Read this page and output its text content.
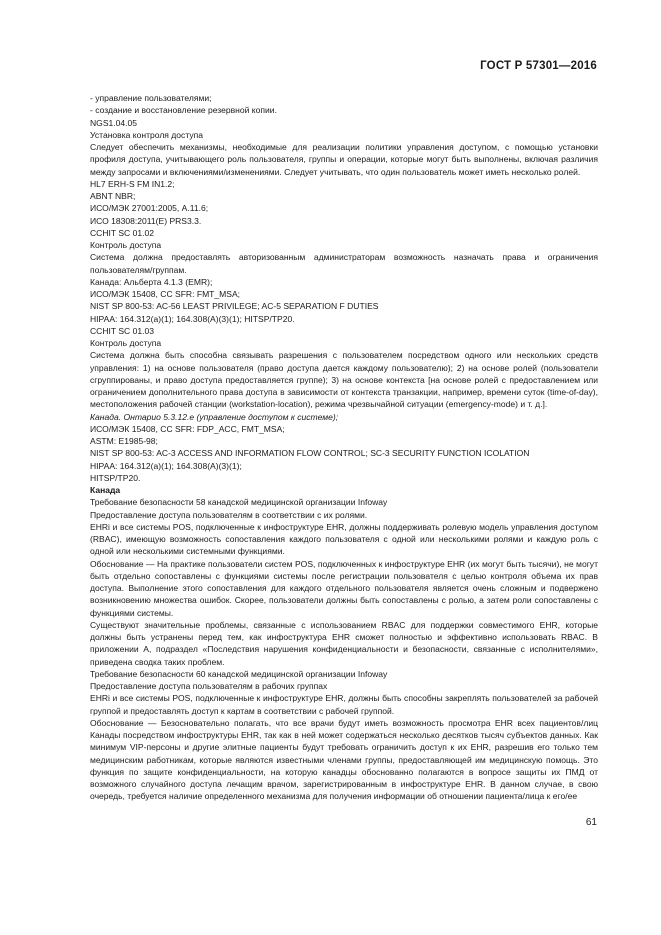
ГОСТ Р 57301—2016

- управление пользователями;

- создание и восстановление резервной копии.

NGS1.04.05

Установка контроля доступа

Следует обеспечить механизмы, необходимые для реализации политики управления доступом, с помощью установки профиля доступа, учитывающего роль пользователя, группы и операции, которые могут быть выполнены, включая различия между запросами и включениями/изменениями. Следует учитывать, что один пользователь может иметь несколько ролей.

HL7 ERH-S FM IN1.2;

ABNT NBR;

ИСО/МЭК 27001:2005, А.11.6;

ИСО 18308:2011(E) PRS3.3.

CCHIT SC 01.02

Контроль доступа

Система должна предоставлять авторизованным администраторам возможность назначать права и ограничения пользователям/группам.

Канада: Альберта 4.1.3 (EMR);

ИСО/МЭК 15408, CC SFR: FMT_MSA;

NIST SP 800-53: AC-56 LEAST PRIVILEGE; AC-5 SEPARATION F DUTIES

HIPAA: 164.312(a)(1); 164.308(A)(3)(1); HITSP/TP20.

CCHIT SC 01.03

Контроль доступа

Система должна быть способна связывать разрешения с пользователем посредством одного или нескольких средств управления: 1) на основе пользователя (право доступа дается каждому пользователю); 2) на основе ролей (пользователи сгруппированы, и право доступа предоставляется группе); 3) на основе контекста [на основе ролей с предоставлением или ограничением дополнительного права доступа в зависимости от контекста транзакции, например, времени суток (time-of-day), местоположения рабочей станции (workstation-location), режима чрезвычайной ситуации (emergency-mode) и т. д.].

Канада. Онтарио 5.3.12.е (управление доступом к системе);

ИСО/МЭК 15408, CC SFR: FDP_ACC, FMT_MSA;

ASTM: E1985-98;

NIST SP 800-53: AC-3 ACCESS AND INFORMATION FLOW CONTROL; SC-3 SECURITY FUNCTION ICOLATION

HIPAA: 164.312(a)(1); 164.308(A)(3)(1);

HITSP/TP20.

Канада

Требование безопасности 58 канадской медицинской организации Infoway

Предоставление доступа пользователям в соответствии с их ролями.

EHRi и все системы POS, подключенные к инфоструктуре EHR, должны поддерживать ролевую модель управления доступом (RBAC), имеющую возможность сопоставления каждого пользователя с одной или несколькими ролями и каждую роль с одной или несколькими системными функциями.

Обоснование — На практике пользователи систем POS, подключенных к инфоструктуре EHR (их могут быть тысячи), не могут быть отдельно сопоставлены с функциями системы после регистрации пользователя с целью контроля объема их прав доступа. Выполнение этого сопоставления для каждого отдельного пользователя является очень сложным и подвержено возникновению множества ошибок. Скорее, пользователи должны быть сопоставлены с ролью, а затем роли сопоставлены с функциями системы.

Существуют значительные проблемы, связанные с использованием RBAC для поддержки совместимого EHR, которые должны быть устранены перед тем, как инфоструктура EHR сможет полностью и эффективно использовать RBAC. В приложении А, подраздел «Последствия нарушения конфиденциальности и безопасности, связанные с исполнителями», приведена сводка таких проблем.

Требование безопасности 60 канадской медицинской организации Infoway

Предоставление доступа пользователям в рабочих группах

EHRi и все системы POS, подключенные к инфоструктуре EHR, должны быть способны закреплять пользователей за рабочей группой и предоставлять доступ к картам в соответствии с рабочей группой.

Обоснование — Безосновательно полагать, что все врачи будут иметь возможность просмотра EHR всех пациентов/лиц Канады посредством инфоструктуры EHR, так как в ней может содержаться несколько десятков тысяч субъектов данных. Как минимум VIP-персоны и другие элитные пациенты будут требовать ограничить доступ к их EHR, разрешив его только тем медицинским работникам, которые являются известными членами группы, предоставляющей им медицинскую помощь. Это функция по защите конфиденциальности, на которую канадцы обоснованно полагаются в вопросе защиты их ПМД от возможного случайного доступа лечащим врачом, зарегистрированным в инфоструктуре EHR. В данном случае, в свою очередь, требуется наличие определенного механизма для получения информации об отношении пациента/лица к его/ее

61
